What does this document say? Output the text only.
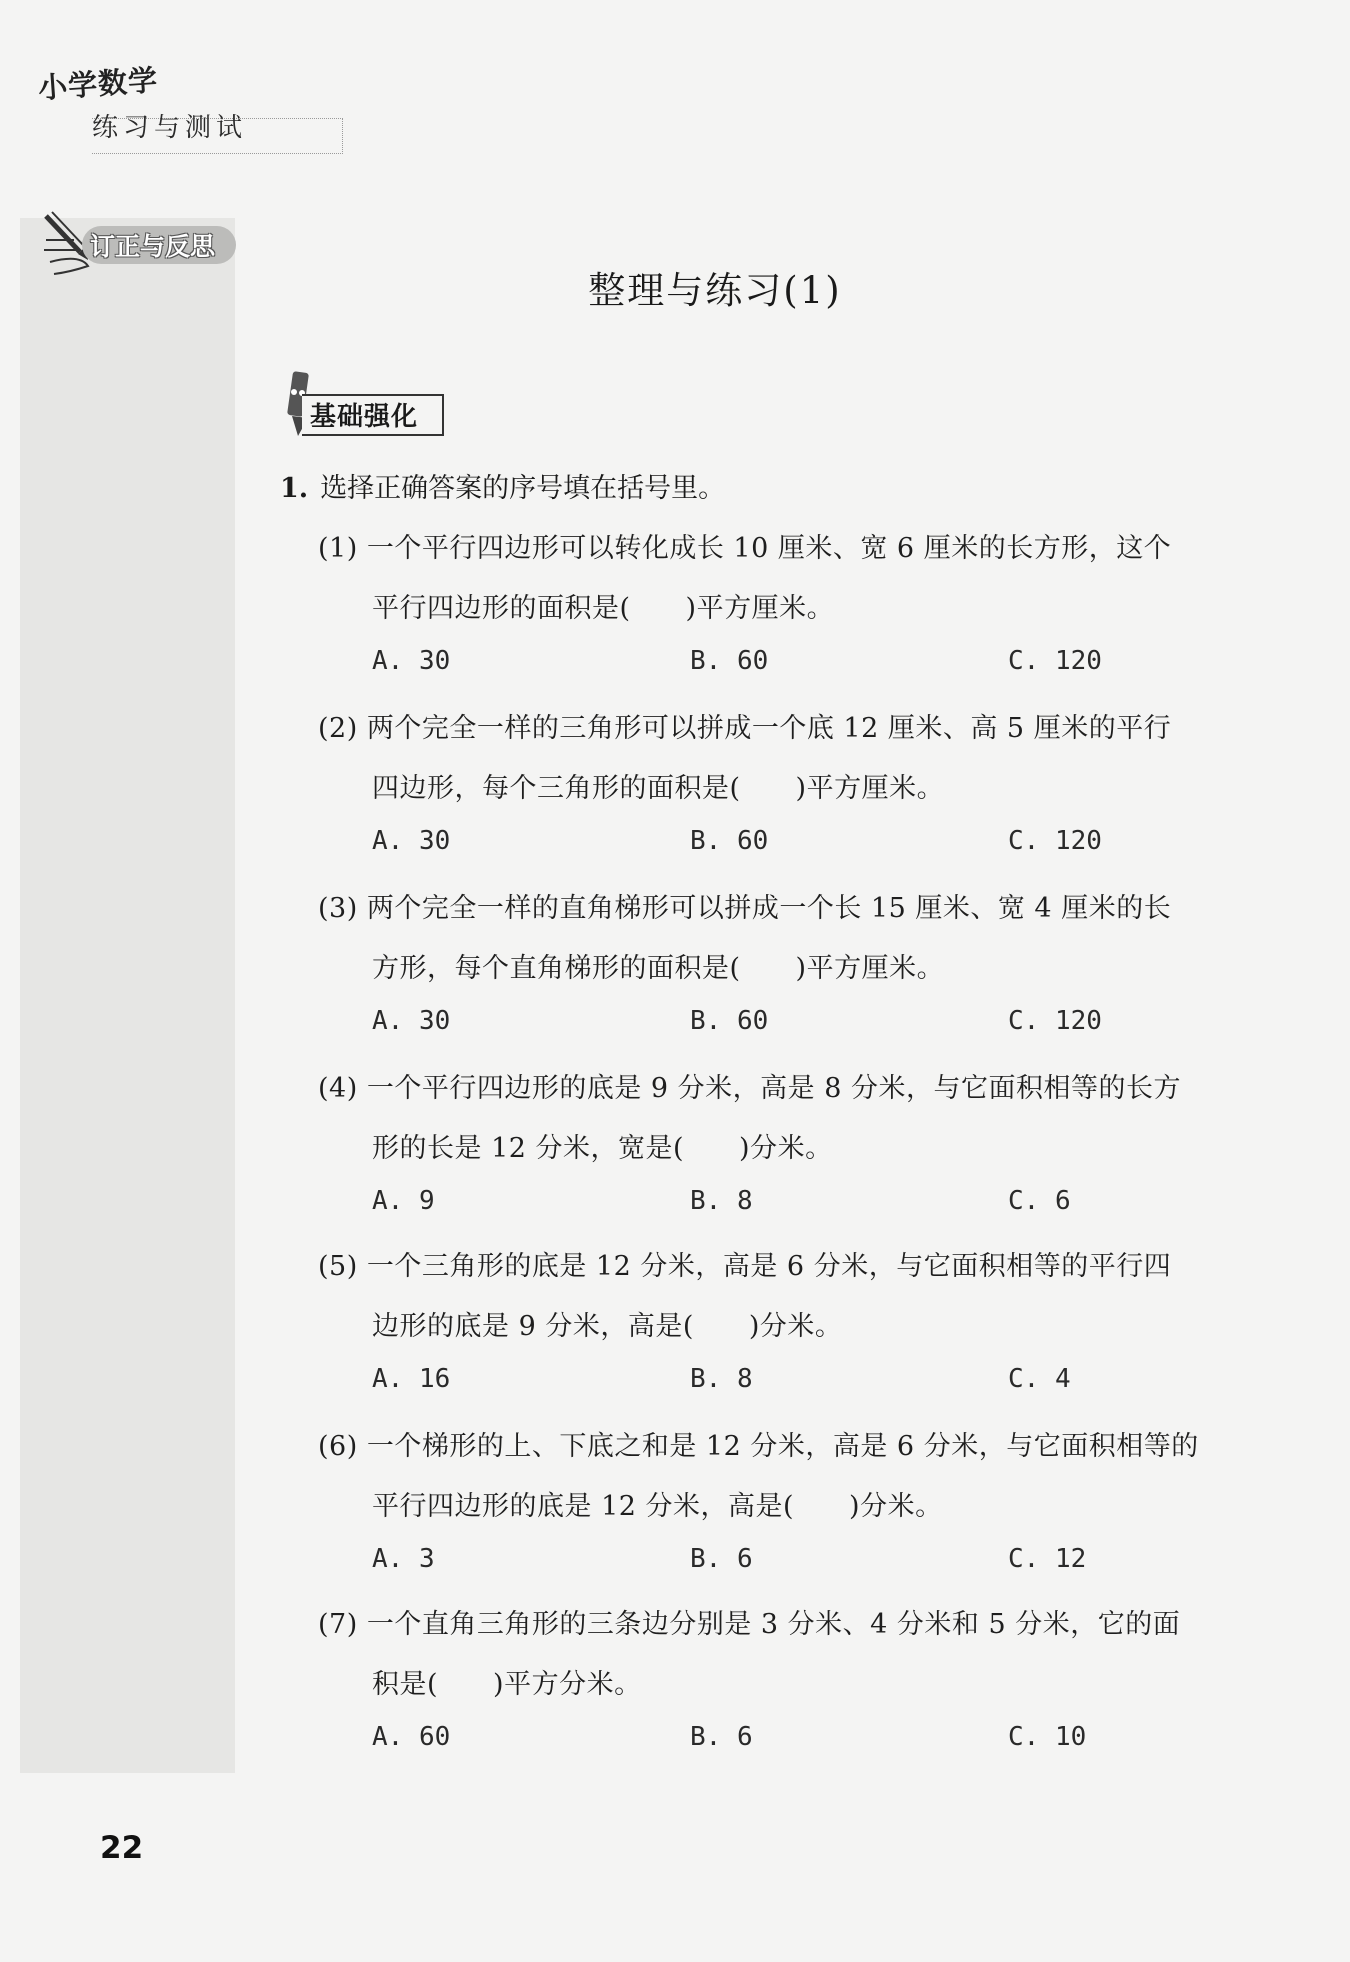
小学数学
练习与测试
订正与反思
整理与练习(1)
基础强化
1. 选择正确答案的序号填在括号里。
(1) 一个平行四边形可以转化成长 10 厘米、宽 6 厘米的长方形，这个
平行四边形的面积是(　　)平方厘米。
A. 30	B. 60	C. 120
(2) 两个完全一样的三角形可以拼成一个底 12 厘米、高 5 厘米的平行
四边形，每个三角形的面积是(　　)平方厘米。
A. 30	B. 60	C. 120
(3) 两个完全一样的直角梯形可以拼成一个长 15 厘米、宽 4 厘米的长
方形，每个直角梯形的面积是(　　)平方厘米。
A. 30	B. 60	C. 120
(4) 一个平行四边形的底是 9 分米，高是 8 分米，与它面积相等的长方
形的长是 12 分米，宽是(　　)分米。
A. 9	B. 8	C. 6
(5) 一个三角形的底是 12 分米，高是 6 分米，与它面积相等的平行四
边形的底是 9 分米，高是(　　)分米。
A. 16	B. 8	C. 4
(6) 一个梯形的上、下底之和是 12 分米，高是 6 分米，与它面积相等的
平行四边形的底是 12 分米，高是(　　)分米。
A. 3	B. 6	C. 12
(7) 一个直角三角形的三条边分别是 3 分米、4 分米和 5 分米，它的面
积是(　　)平方分米。
A. 60	B. 6	C. 10
22
